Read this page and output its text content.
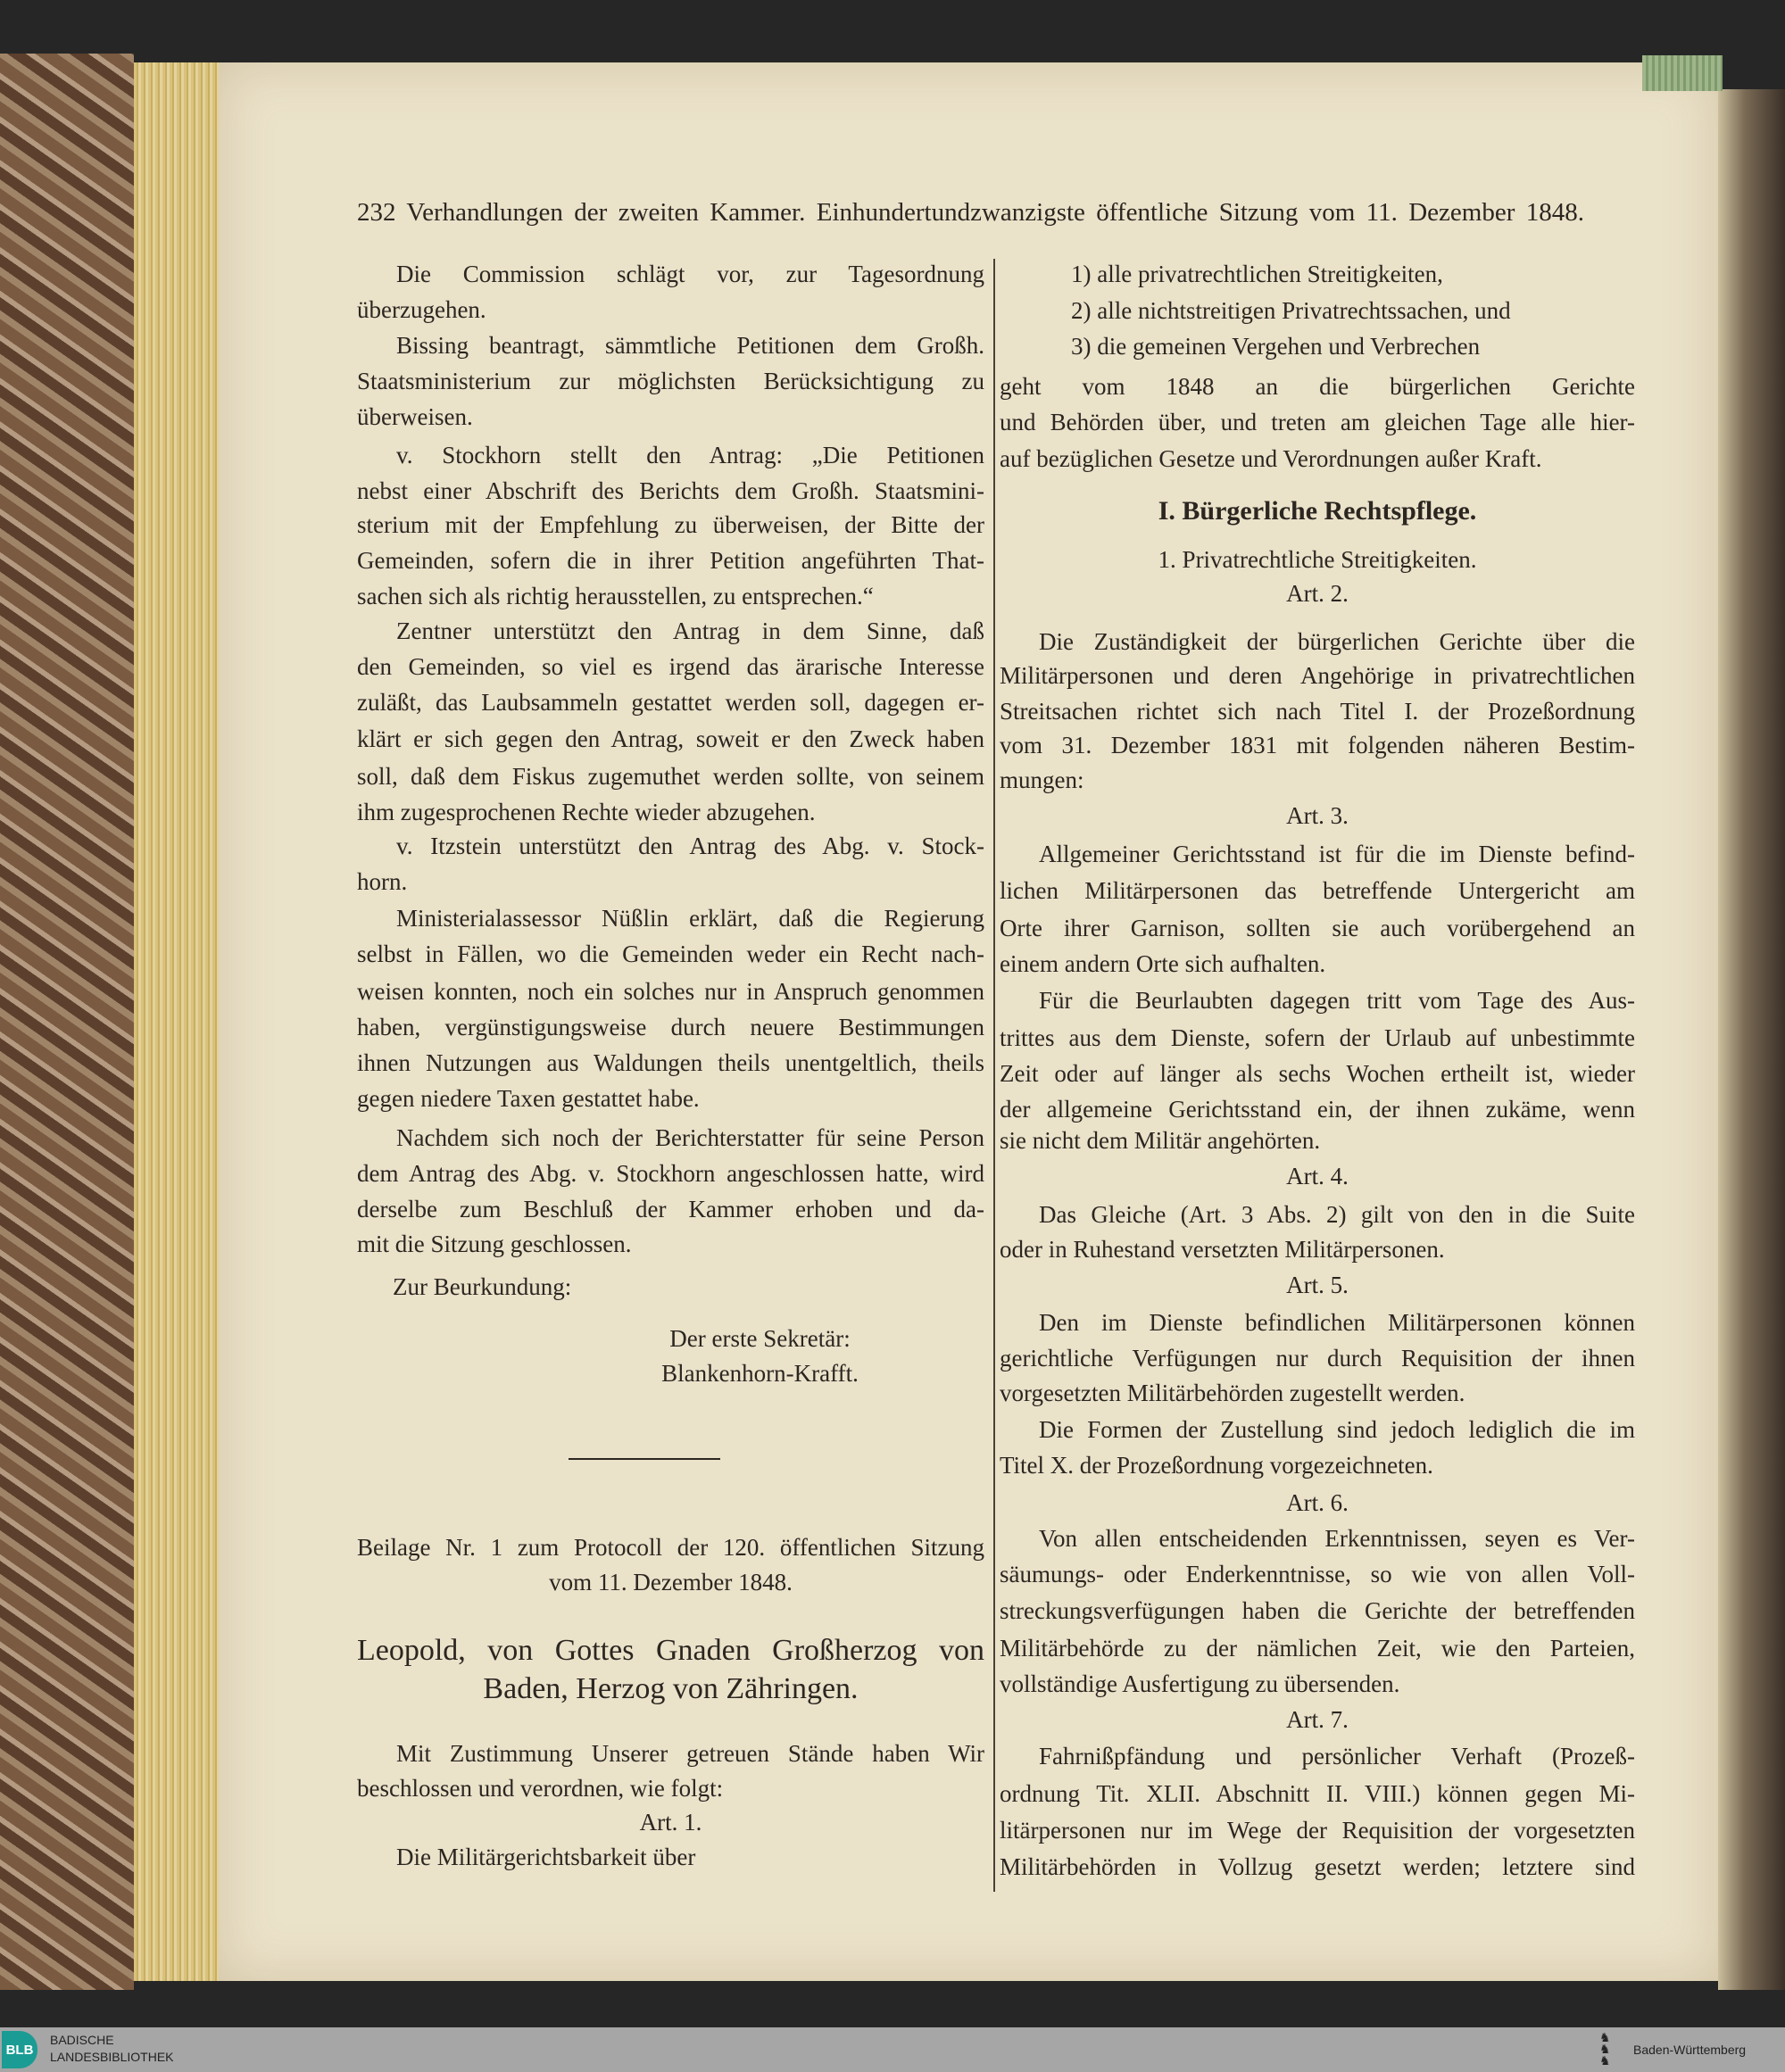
232 Verhandlungen der zweiten Kammer. Einhundertundzwanzigste öffentliche Sitzung vom 11. Dezember 1848.
Die Commission schlägt vor, zur Tagesordnung
überzugehen.
Bissing beantragt, sämmtliche Petitionen dem Großh.
Staatsministerium zur möglichsten Berücksichtigung zu
überweisen.
v. Stockhorn stellt den Antrag: „Die Petitionen
nebst einer Abschrift des Berichts dem Großh. Staatsmini-
sterium mit der Empfehlung zu überweisen, der Bitte der
Gemeinden, sofern die in ihrer Petition angeführten That-
sachen sich als richtig herausstellen, zu entsprechen.“
Zentner unterstützt den Antrag in dem Sinne, daß
den Gemeinden, so viel es irgend das ärarische Interesse
zuläßt, das Laubsammeln gestattet werden soll, dagegen er-
klärt er sich gegen den Antrag, soweit er den Zweck haben
soll, daß dem Fiskus zugemuthet werden sollte, von seinem
ihm zugesprochenen Rechte wieder abzugehen.
v. Itzstein unterstützt den Antrag des Abg. v. Stock-
horn.
Ministerialassessor Nüßlin erklärt, daß die Regierung
selbst in Fällen, wo die Gemeinden weder ein Recht nach-
weisen konnten, noch ein solches nur in Anspruch genommen
haben, vergünstigungsweise durch neuere Bestimmungen
ihnen Nutzungen aus Waldungen theils unentgeltlich, theils
gegen niedere Taxen gestattet habe.
Nachdem sich noch der Berichterstatter für seine Person
dem Antrag des Abg. v. Stockhorn angeschlossen hatte, wird
derselbe zum Beschluß der Kammer erhoben und da-
mit die Sitzung geschlossen.
Zur Beurkundung:
Der erste Sekretär:
Blankenhorn-Krafft.
Beilage Nr. 1 zum Protocoll der 120. öffentlichen Sitzung
vom 11. Dezember 1848.
Leopold, von Gottes Gnaden Großherzog von
Baden, Herzog von Zähringen.
Mit Zustimmung Unserer getreuen Stände haben Wir
beschlossen und verordnen, wie folgt:
Art. 1.
Die Militärgerichtsbarkeit über
1) alle privatrechtlichen Streitigkeiten,
2) alle nichtstreitigen Privatrechtssachen, und
3) die gemeinen Vergehen und Verbrechen
geht vom 1848 an die bürgerlichen Gerichte
und Behörden über, und treten am gleichen Tage alle hier-
auf bezüglichen Gesetze und Verordnungen außer Kraft.
I. Bürgerliche Rechtspflege.
1. Privatrechtliche Streitigkeiten.
Art. 2.
Die Zuständigkeit der bürgerlichen Gerichte über die
Militärpersonen und deren Angehörige in privatrechtlichen
Streitsachen richtet sich nach Titel I. der Prozeßordnung
vom 31. Dezember 1831 mit folgenden näheren Bestim-
mungen:
Art. 3.
Allgemeiner Gerichtsstand ist für die im Dienste befind-
lichen Militärpersonen das betreffende Untergericht am
Orte ihrer Garnison, sollten sie auch vorübergehend an
einem andern Orte sich aufhalten.
Für die Beurlaubten dagegen tritt vom Tage des Aus-
trittes aus dem Dienste, sofern der Urlaub auf unbestimmte
Zeit oder auf länger als sechs Wochen ertheilt ist, wieder
der allgemeine Gerichtsstand ein, der ihnen zukäme, wenn
sie nicht dem Militär angehörten.
Art. 4.
Das Gleiche (Art. 3 Abs. 2) gilt von den in die Suite
oder in Ruhestand versetzten Militärpersonen.
Art. 5.
Den im Dienste befindlichen Militärpersonen können
gerichtliche Verfügungen nur durch Requisition der ihnen
vorgesetzten Militärbehörden zugestellt werden.
Die Formen der Zustellung sind jedoch lediglich die im
Titel X. der Prozeßordnung vorgezeichneten.
Art. 6.
Von allen entscheidenden Erkenntnissen, seyen es Ver-
säumungs- oder Enderkenntnisse, so wie von allen Voll-
streckungsverfügungen haben die Gerichte der betreffenden
Militärbehörde zu der nämlichen Zeit, wie den Parteien,
vollständige Ausfertigung zu übersenden.
Art. 7.
Fahrnißpfändung und persönlicher Verhaft (Prozeß-
ordnung Tit. XLII. Abschnitt II. VIII.) können gegen Mi-
litärpersonen nur im Wege der Requisition der vorgesetzten
Militärbehörden in Vollzug gesetzt werden; letztere sind
BLB
BADISCHE
LANDESBIBLIOTHEK
♞
♞
♞
Baden-Württemberg
